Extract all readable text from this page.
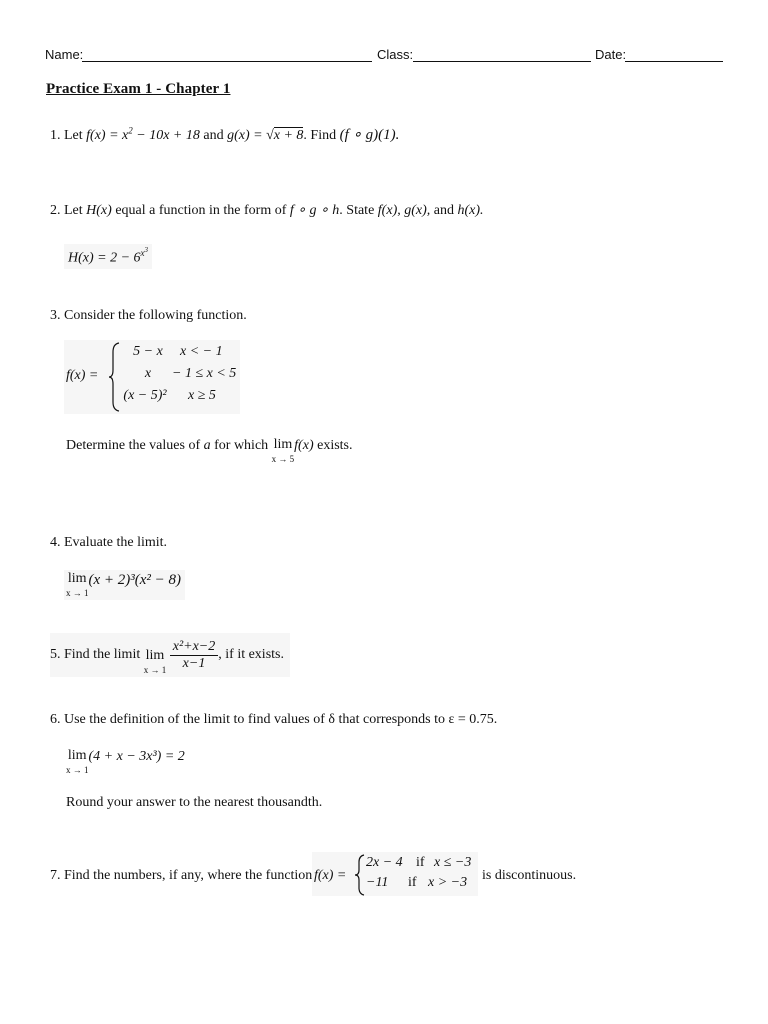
Name:	Class:	Date:
Practice Exam 1 - Chapter 1
1. Let $f(x) = x^2 - 10x + 18$ and g(x) = √x + 8. Find (f ∘ g)(1).
2. Let H(x) equal a function in the form of f ∘ g ∘ h. State f(x), g(x), and h(x).
$H(x) = 2 - 6^{x^3}$
3. Consider the following function.
f(x) =
5 − x	x < − 1
x	− 1 ≤ x < 5
(x − 5)²	x ≥ 5
Determine the values of a for which lim
x → 5
f(x) exists.
4. Evaluate the limit.
lim
x → 1
(x + 2)³(x² − 8)
5. Find the limit lim
x → 1
$\frac{\text{x²+x−2}}{x-1}$ , if it exists.
6. Use the definition of the limit to find values of δ that corresponds to ε = 0.75.
lim
x → 1
(4 + x − 3x³) = 2
Round your answer to the nearest thousandth.
7. Find the numbers, if any, where the function f(x) =
2x − 4 if x ≤ −3
−11 if x > −3 is discontinuous.
